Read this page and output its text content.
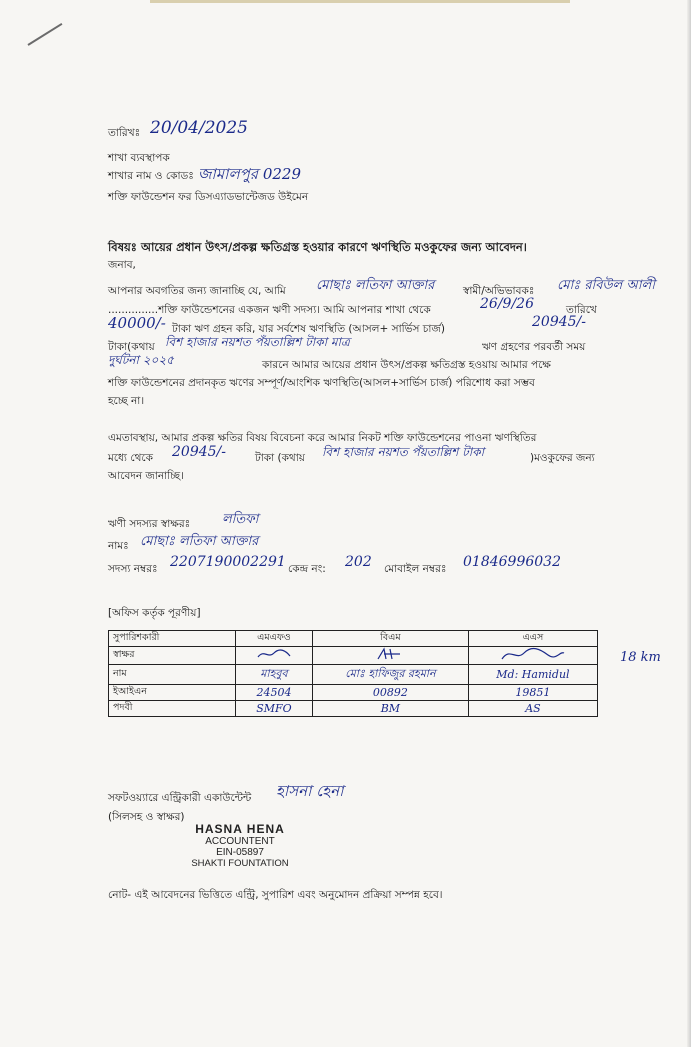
তারিখঃ 20/04/2025
শাখা ব্যবস্থাপক
শাখার নাম ও কোডঃ জামালপুর 0229
শক্তি ফাউন্ডেশন ফর ডিসএ্যাডভান্টেজড উইমেন
বিষয়ঃ আয়ের প্রধান উৎস/প্রকল্প ক্ষতিগ্রস্ত হওয়ার কারণে ঋণস্থিতি মওকুফের জন্য আবেদন।
জনাব,
আপনার অবগতির জন্য জানাচ্ছি যে, আমি মোছাঃ লতিফা আক্তার	স্বামী/অভিভাবকঃ মোঃ রবিউল আলী
...............শক্তি ফাউন্ডেশনের একজন ঋণী সদস্য। আমি আপনার শাখা থেকে	26/9/26	তারিখে
40000/- টাকা ঋণ গ্রহন করি, যার সর্বশেষ ঋণস্থিতি (আসল+ সার্ভিস চার্জ)	20945/-
টাকা(কথায় বিশ হাজার নয়শত পঁয়তাল্লিশ টাকা মাত্র	ঋণ গ্রহণের পরবর্তী সময়
দুর্ঘটনা ২০২৫	কারনে আমার আয়ের প্রধান উৎস/প্রকল্প ক্ষতিগ্রস্ত হওয়ায় আমার পক্ষে
শক্তি ফাউন্ডেশনের প্রদানকৃত ঋণের সম্পূর্ণ/আংশিক ঋণস্থিতি(আসল+সার্ভিস চার্জ) পরিশোধ করা সম্ভব
হচ্ছে না।
এমতাবস্থায়, আমার প্রকল্প ক্ষতির বিষয় বিবেচনা করে আমার নিকট শক্তি ফাউন্ডেশনের পাওনা ঋণস্থিতির
মধ্যে থেকে 20945/-	টাকা (কথায় বিশ হাজার নয়শত পঁয়তাল্লিশ টাকা	)মওকুফের জন্য
আবেদন জানাচ্ছি।
ঋণী সদস্যর স্বাক্ষরঃ লতিফা
নামঃ মোছাঃ লতিফা আক্তার
সদস্য নম্বরঃ 2207190002291 কেন্দ্র নং: 202 মোবাইল নম্বরঃ 01846996032
[অফিস কর্তৃক পূরণীয়]
সুপারিশকারী	এমএফও	বিএম	এএস
স্বাক্ষর			
নাম	মাহবুব	মোঃ হাফিজুর রহমান	Md: Hamidul
ইআইএন	24504	00892	19851
পদবী	SMFO	BM	AS
18 km
সফটওয়্যারে এন্ট্রিকারী একাউন্টেন্ট হাসনা হেনা
(সিলসহ ও স্বাক্ষর)
HASNA HENA
ACCOUNTENT
EIN-05897
SHAKTI FOUNTATION
নোট- এই আবেদনের ভিত্তিতে এন্ট্রি, সুপারিশ এবং অনুমোদন প্রক্রিয়া সম্পন্ন হবে।
